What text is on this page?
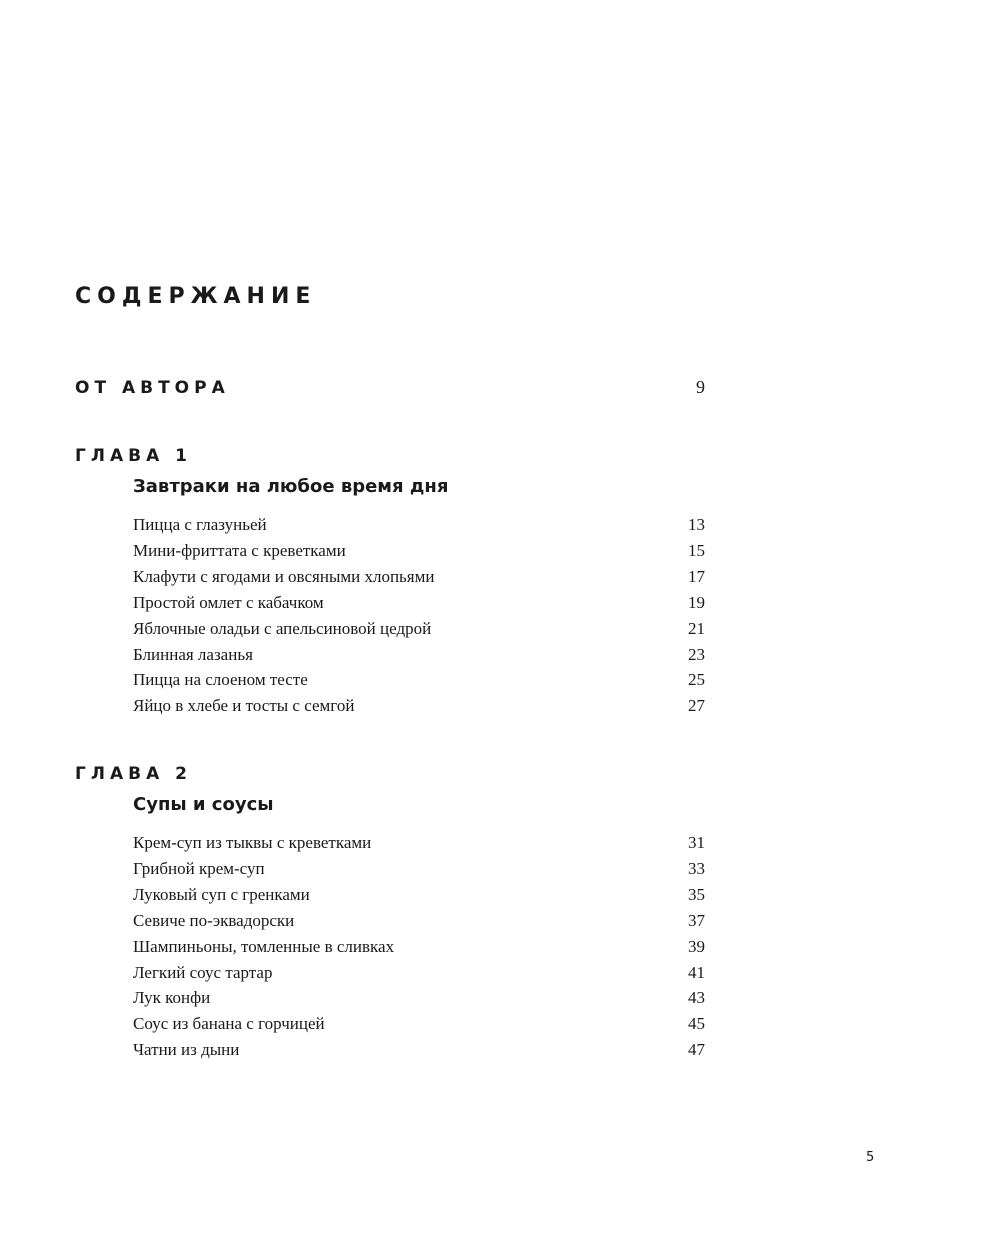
СОДЕРЖАНИЕ
ОТ АВТОРА	9
ГЛАВА 1
Завтраки на любое время дня
Пицца с глазуньей	13
Мини-фриттата с креветками	15
Клафути с ягодами и овсяными хлопьями	17
Простой омлет с кабачком	19
Яблочные оладьи с апельсиновой цедрой	21
Блинная лазанья	23
Пицца на слоеном тесте	25
Яйцо в хлебе и тосты с семгой	27
ГЛАВА 2
Супы и соусы
Крем-суп из тыквы с креветками	31
Грибной крем-суп	33
Луковый суп с гренками	35
Севиче по-эквадорски	37
Шампиньоны, томленные в сливках	39
Легкий соус тартар	41
Лук конфи	43
Соус из банана с горчицей	45
Чатни из дыни	47
5
